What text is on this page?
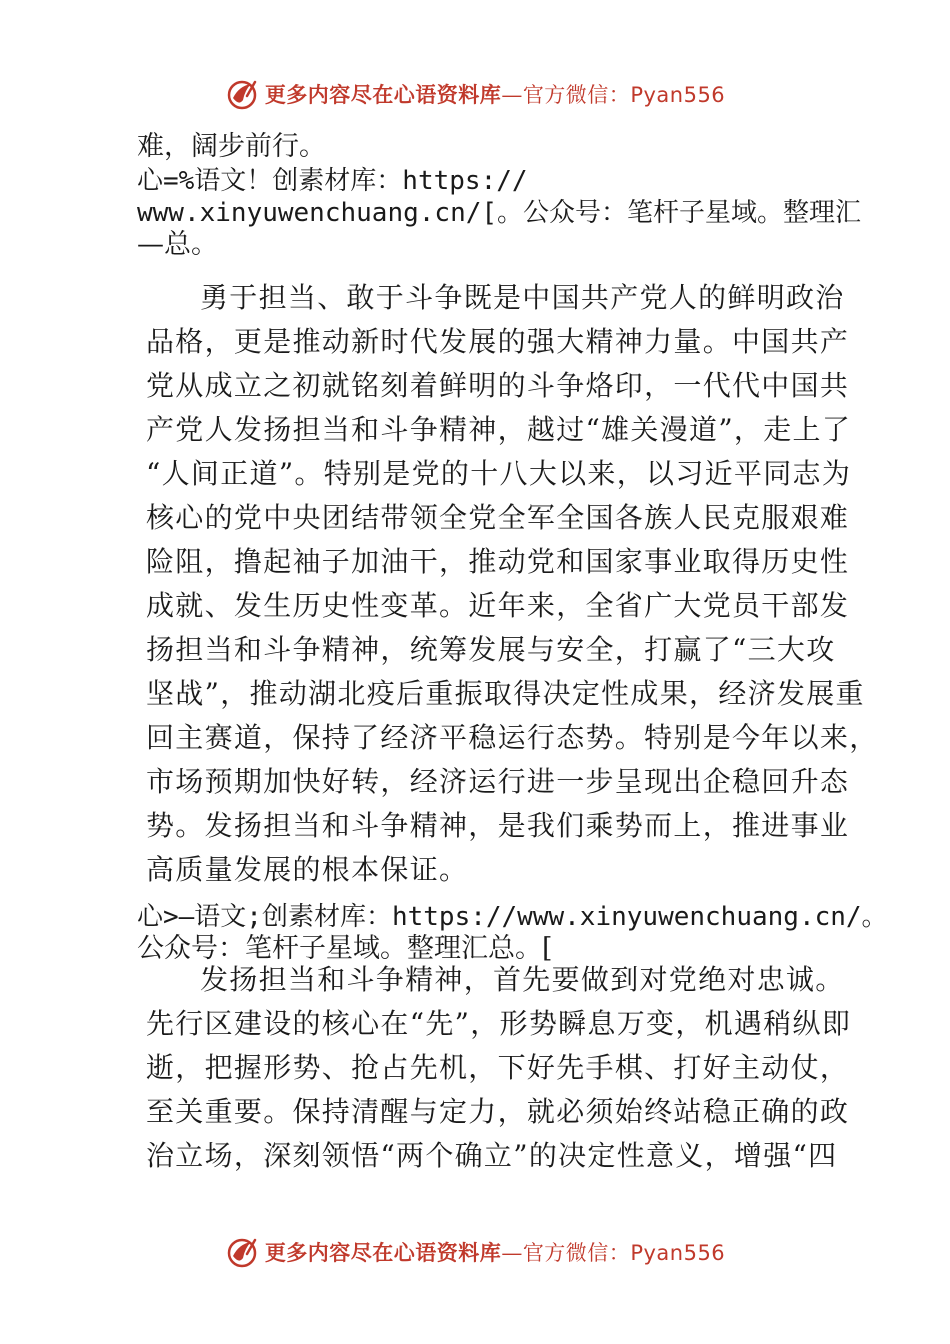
更多内容尽在心语资料库—官方微信：Pyan556
难，阔步前行。
心=%语文！创素材库：https://
www.xinyuwenchuang.cn/[。公众号：笔杆子星域。整理汇
—总。
勇于担当、敢于斗争既是中国共产党人的鲜明政治
品格，更是推动新时代发展的强大精神力量。中国共产
党从成立之初就铭刻着鲜明的斗争烙印，一代代中国共
产党人发扬担当和斗争精神，越过“雄关漫道”，走上了
“人间正道”。特别是党的十八大以来，以习近平同志为
核心的党中央团结带领全党全军全国各族人民克服艰难
险阻，撸起袖子加油干，推动党和国家事业取得历史性
成就、发生历史性变革。近年来，全省广大党员干部发
扬担当和斗争精神，统筹发展与安全，打赢了“三大攻
坚战”，推动湖北疫后重振取得决定性成果，经济发展重
回主赛道，保持了经济平稳运行态势。特别是今年以来，
市场预期加快好转，经济运行进一步呈现出企稳回升态
势。发扬担当和斗争精神，是我们乘势而上，推进事业
高质量发展的根本保证。
心>—语文;创素材库：https://www.xinyuwenchuang.cn/。
公众号：笔杆子星域。整理汇总。[
发扬担当和斗争精神，首先要做到对党绝对忠诚。
先行区建设的核心在“先”，形势瞬息万变，机遇稍纵即
逝，把握形势、抢占先机，下好先手棋、打好主动仗，
至关重要。保持清醒与定力，就必须始终站稳正确的政
治立场，深刻领悟“两个确立”的决定性意义，增强“四
更多内容尽在心语资料库—官方微信：Pyan556
